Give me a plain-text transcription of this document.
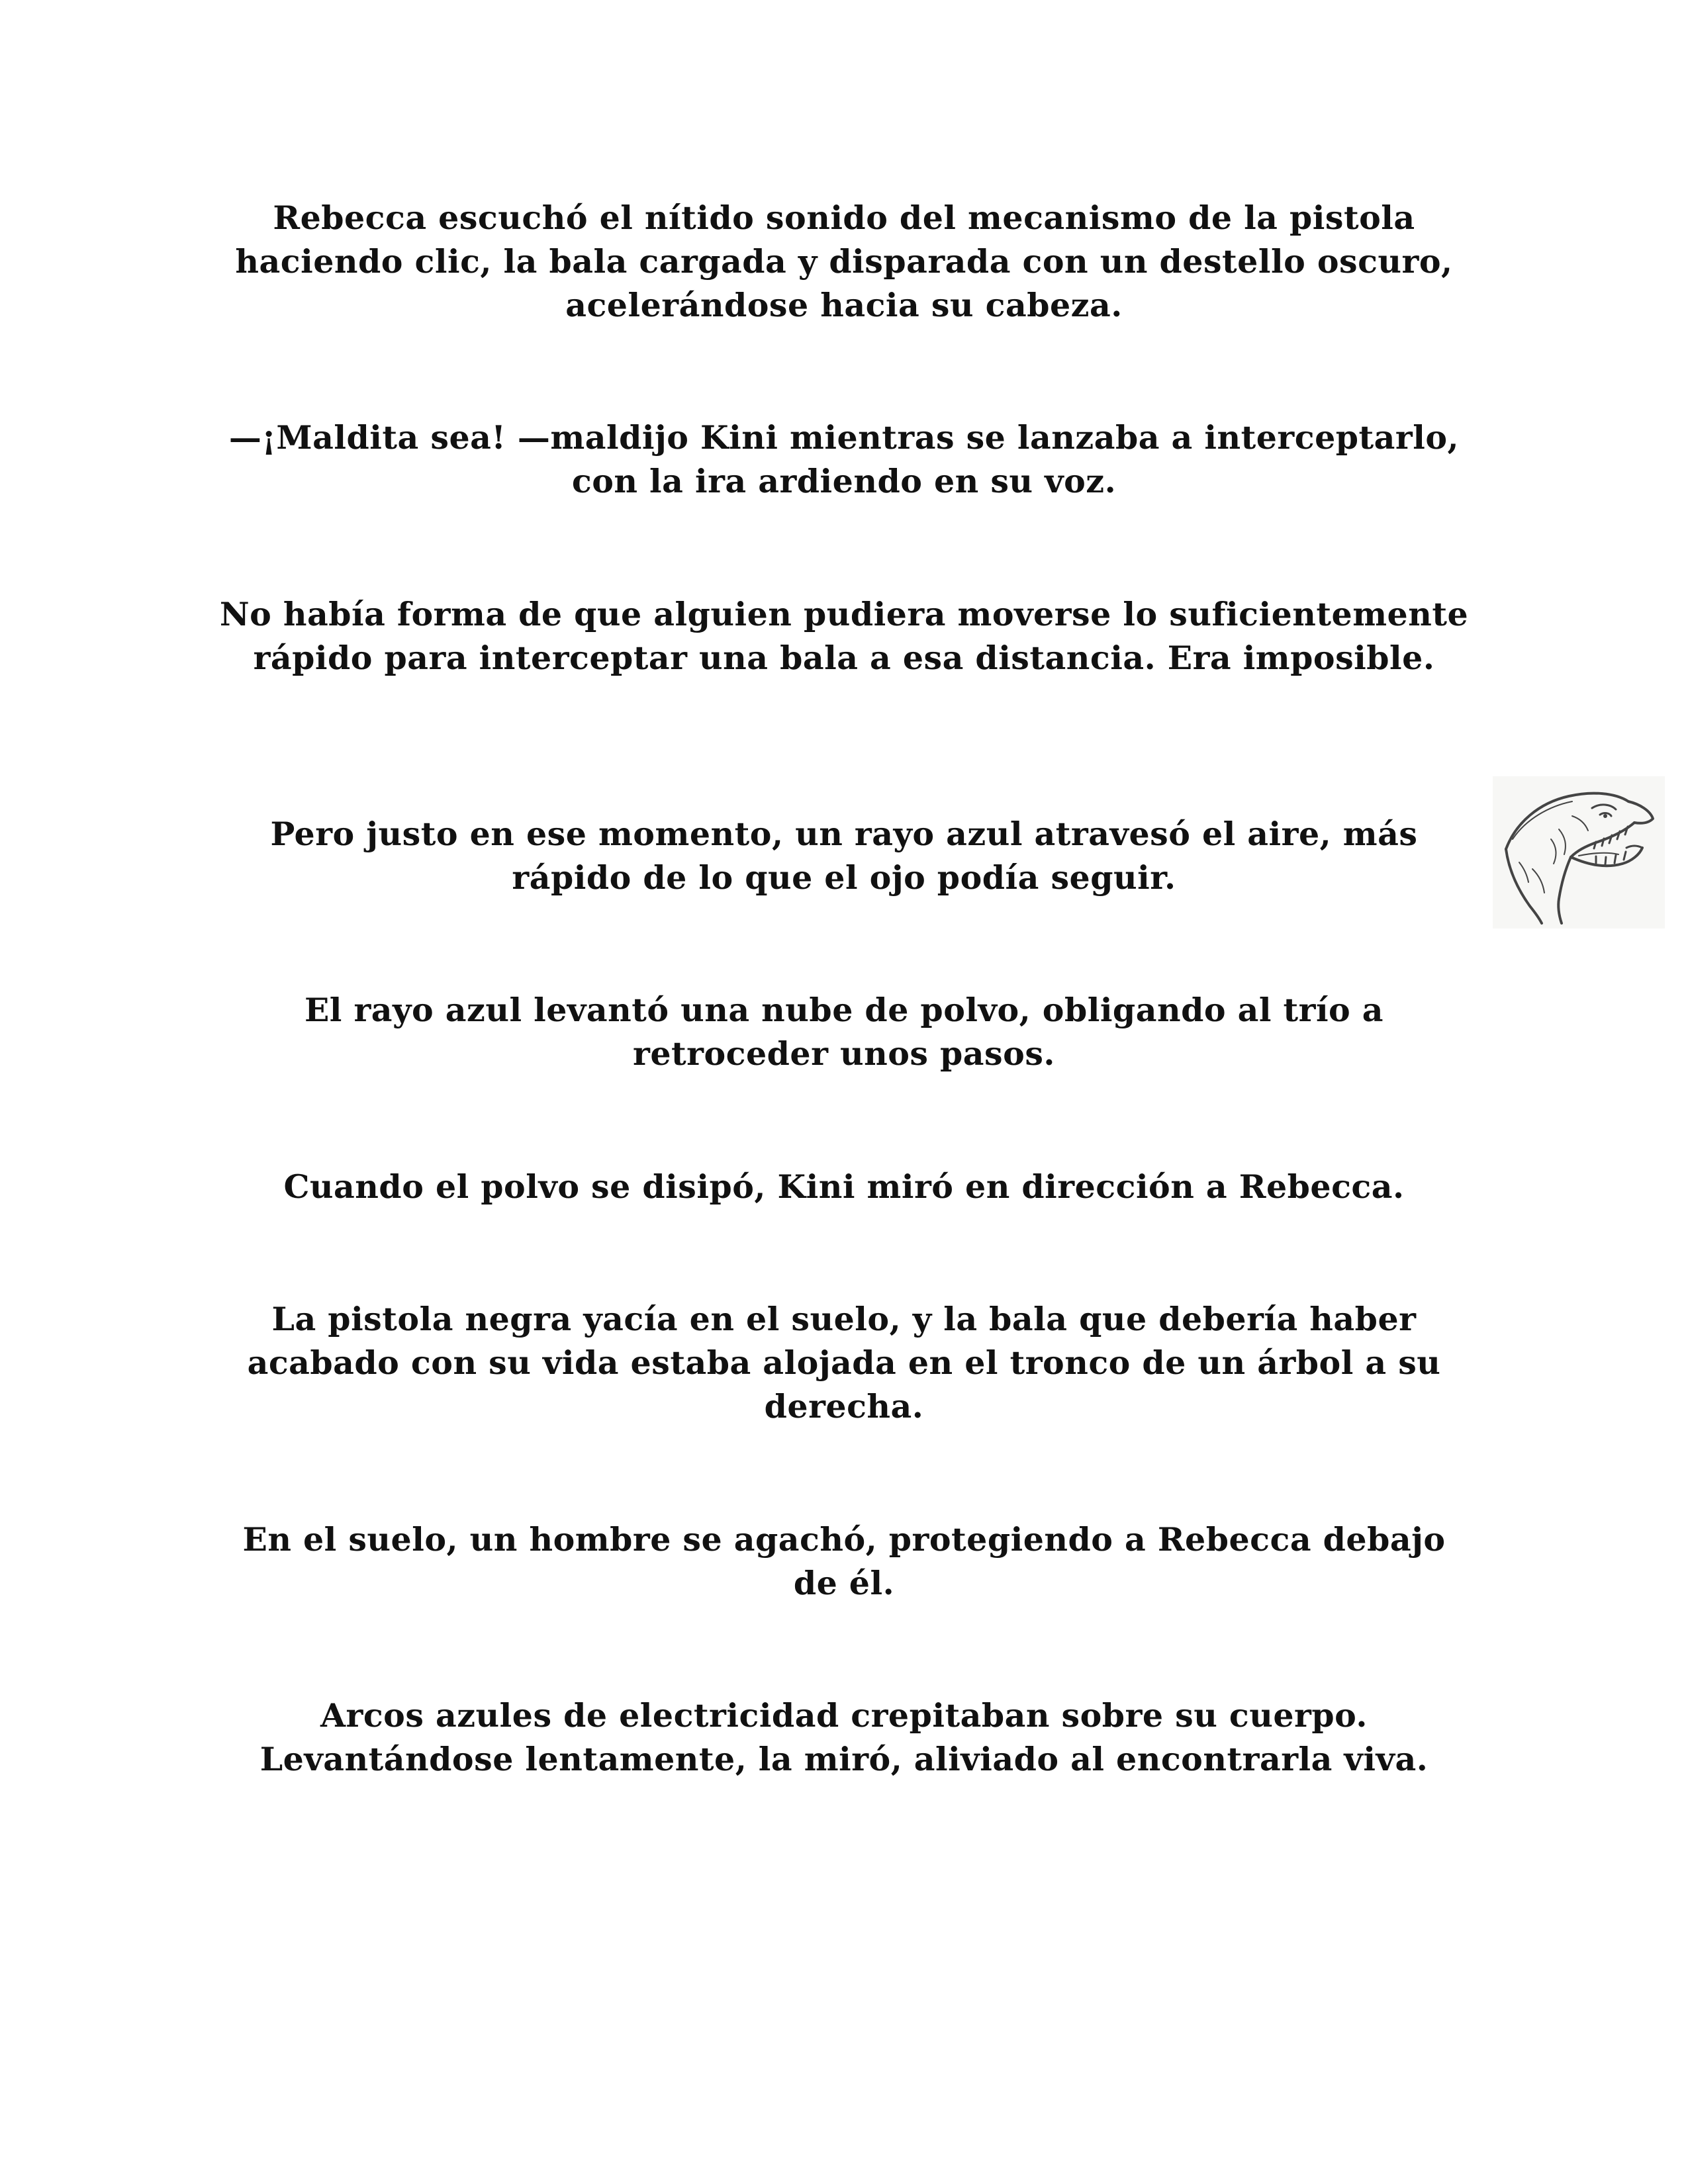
Rebecca escuchó el nítido sonido del mecanismo de la pistola haciendo clic, la bala cargada y disparada con un destello oscuro, acelerándose hacia su cabeza.

—¡Maldita sea! —maldijo Kini mientras se lanzaba a interceptarlo, con la ira ardiendo en su voz.

No había forma de que alguien pudiera moverse lo suficientemente rápido para interceptar una bala a esa distancia. Era imposible.

Pero justo en ese momento, un rayo azul atravesó el aire, más rápido de lo que el ojo podía seguir.

El rayo azul levantó una nube de polvo, obligando al trío a retroceder unos pasos.

Cuando el polvo se disipó, Kini miró en dirección a Rebecca.

La pistola negra yacía en el suelo, y la bala que debería haber acabado con su vida estaba alojada en el tronco de un árbol a su derecha.

En el suelo, un hombre se agachó, protegiendo a Rebecca debajo de él.

Arcos azules de electricidad crepitaban sobre su cuerpo. Levantándose lentamente, la miró, aliviado al encontrarla viva.
